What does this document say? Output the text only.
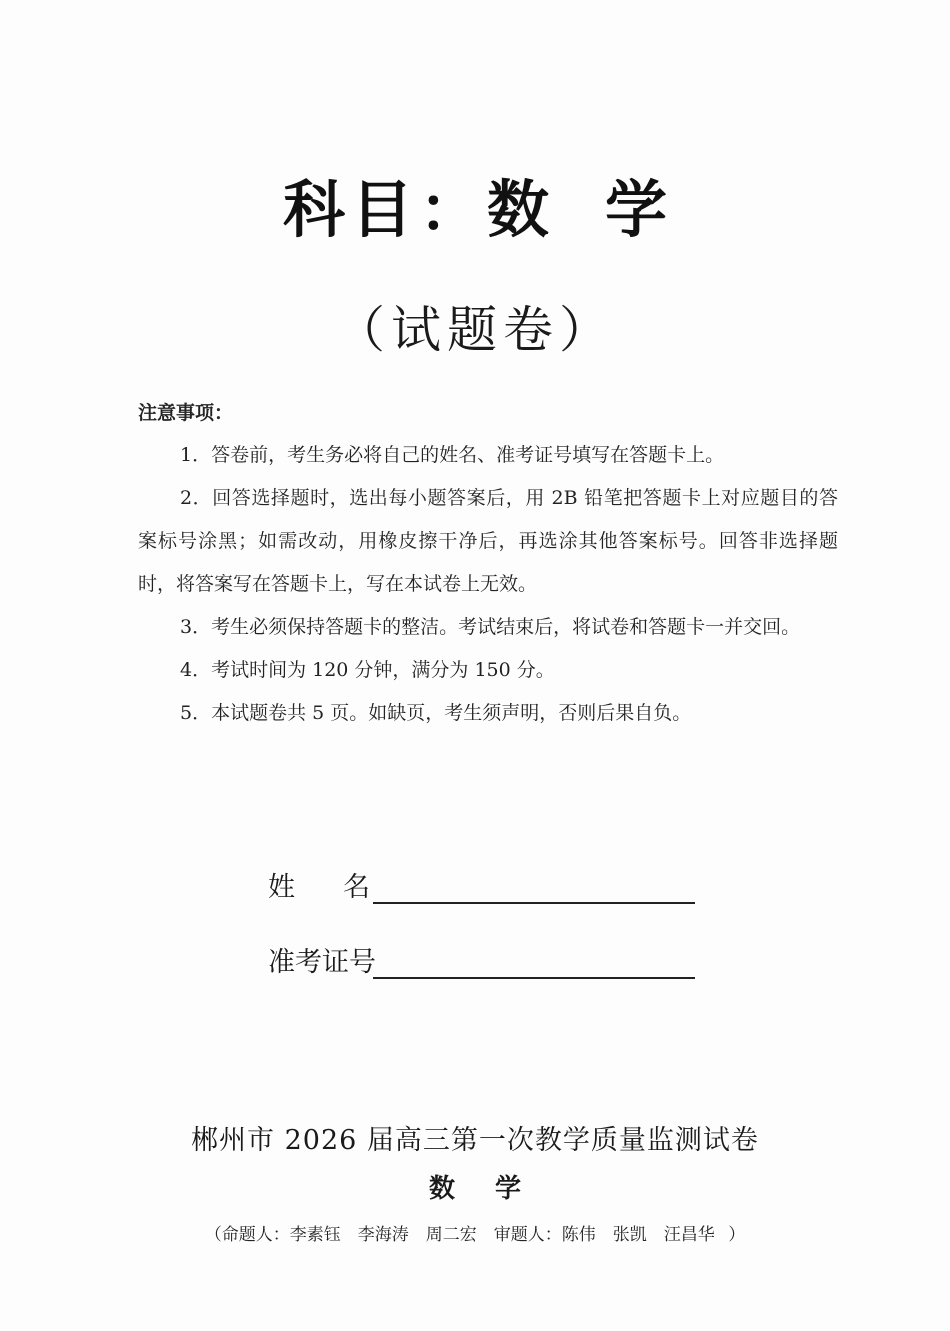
科目：数学
（试题卷）
注意事项：

1．答卷前，考生务必将自己的姓名、准考证号填写在答题卡上。

2．回答选择题时，选出每小题答案后，用 2B 铅笔把答题卡上对应题目的答案标号涂黑；如需改动，用橡皮擦干净后，再选涂其他答案标号。回答非选择题时，将答案写在答题卡上，写在本试卷上无效。

3．考生必须保持答题卡的整洁。考试结束后，将试卷和答题卡一并交回。

4．考试时间为 120 分钟，满分为 150 分。

5．本试题卷共 5 页。如缺页，考生须声明，否则后果自负。

姓名
准考证号
郴州市 2026 届高三第一次教学质量监测试卷
数学
（命题人：李素钰　李海涛　周二宏　审题人：陈伟　张凯　汪昌华 ）
